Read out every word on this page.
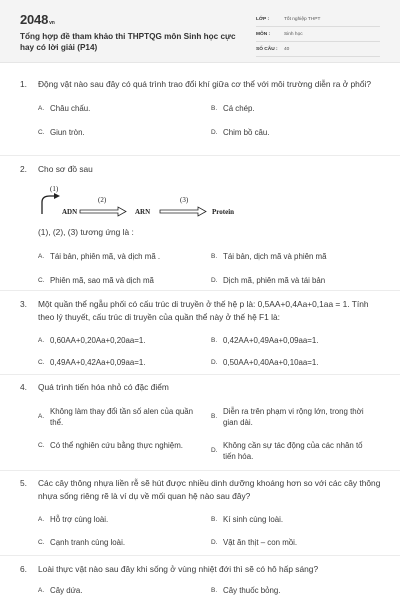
2048vn
Tổng hợp đề tham khảo thi THPTQG môn Sinh học cực hay có lời giải (P14)
LỚP :	Tốt nghiệp THPT
MÔN :	Sinh học
SỐ CÂU :	40
1.	Động vật nào sau đây có quá trình trao đổi khí giữa cơ thể với môi trường diễn ra ở phổi?
A. Châu chấu.	B. Cá chép.
C. Giun tròn.	D. Chim bồ câu.
2.	Cho sơ đồ sau
(1)
ADN
(2)
ARN
(3)
Protein
(1), (2), (3) tương ứng là :
A. Tái bản, phiên mã, và dịch mã .	B. Tái bản, dịch mã và phiên mã
C. Phiên mã, sao mã và dịch mã	D. Dịch mã, phiên mã và tái bản
3.	Một quần thể ngẫu phối có cấu trúc di truyền ở thế hệ p là: 0,5AA+0,4Aa+0,1aa = 1. Tính theo lý thuyết, cấu trúc di truyền của quần thể này ở thế hệ F1 là:
A. 0,60AA+0,20Aa+0,20aa=1.	B. 0,42AA+0,49Aa+0,09aa=1.
C. 0,49AA+0,42Aa+0,09aa=1.	D. 0,50AA+0,40Aa+0,10aa=1.
4.	Quá trình tiến hóa nhỏ có đặc điểm
A.
Không làm thay đổi tần số alen của quần thể.
B.
Diễn ra trên phạm vi rộng lớn, trong thời gian dài.
C. Có thể nghiên cứu bằng thực nghiệm.
D.
Không cần sự tác động của các nhân tố tiến hóa.
5.	Các cây thông nhựa liền rễ sẽ hút được nhiều dinh dưỡng khoáng hơn so với các cây thông nhựa sống riêng rẽ là ví dụ về mối quan hệ nào sau đây?
A. Hỗ trợ cùng loài.	B. Kí sinh cùng loài.
C. Cạnh tranh cùng loài.	D. Vật ăn thịt – con mồi.
6.	Loài thực vật nào sau đây khi sống ở vùng nhiệt đới thì sẽ có hô hấp sáng?
A. Cây dứa.	B. Cây thuốc bỏng.
